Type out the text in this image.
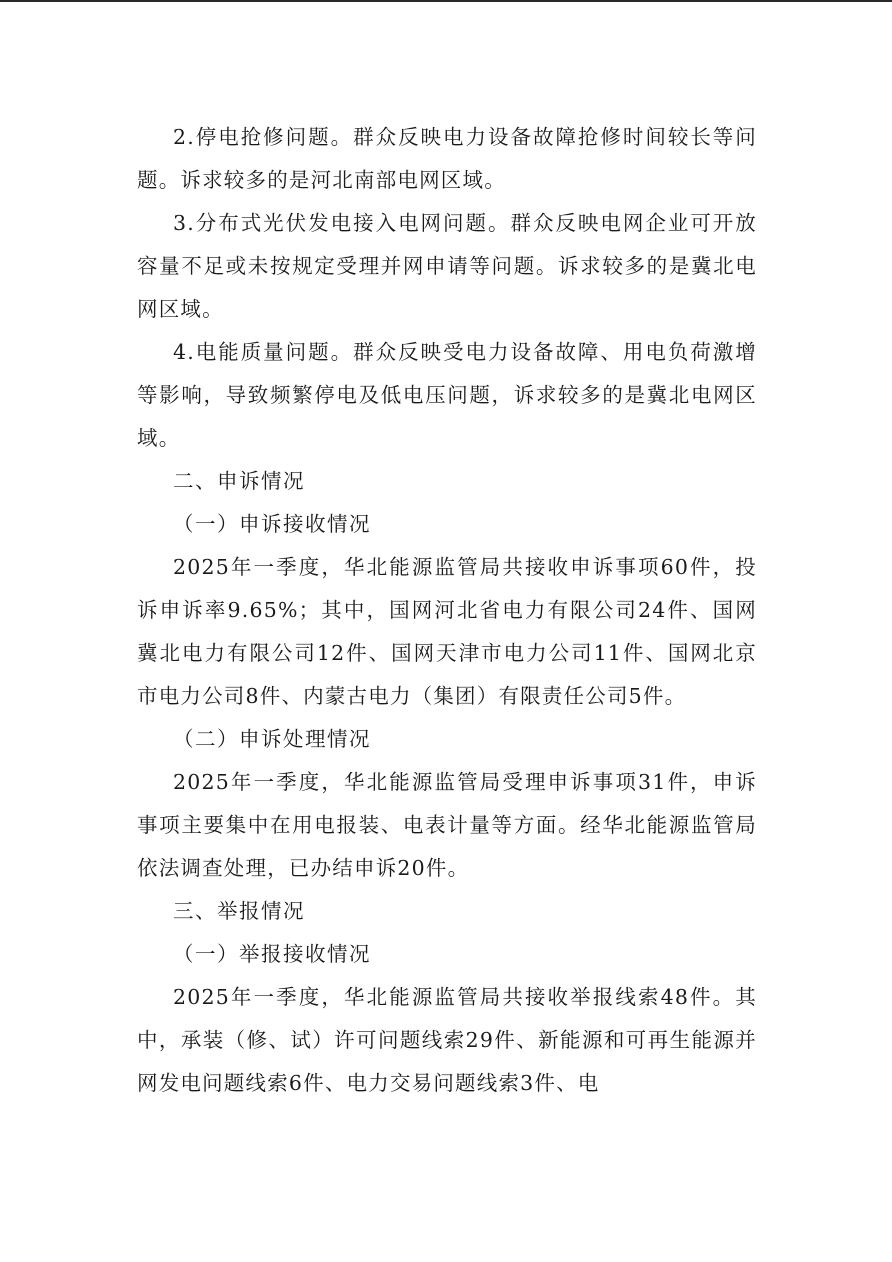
2.停电抢修问题。群众反映电力设备故障抢修时间较长等问题。诉求较多的是河北南部电网区域。

3.分布式光伏发电接入电网问题。群众反映电网企业可开放容量不足或未按规定受理并网申请等问题。诉求较多的是冀北电网区域。

4.电能质量问题。群众反映受电力设备故障、用电负荷激增等影响，导致频繁停电及低电压问题，诉求较多的是冀北电网区域。

二、申诉情况

（一）申诉接收情况

2025年一季度，华北能源监管局共接收申诉事项60件，投诉申诉率9.65%；其中，国网河北省电力有限公司24件、国网冀北电力有限公司12件、国网天津市电力公司11件、国网北京市电力公司8件、内蒙古电力（集团）有限责任公司5件。

（二）申诉处理情况

2025年一季度，华北能源监管局受理申诉事项31件，申诉事项主要集中在用电报装、电表计量等方面。经华北能源监管局依法调查处理，已办结申诉20件。

三、举报情况

（一）举报接收情况

2025年一季度，华北能源监管局共接收举报线索48件。其中，承装（修、试）许可问题线索29件、新能源和可再生能源并网发电问题线索6件、电力交易问题线索3件、电
